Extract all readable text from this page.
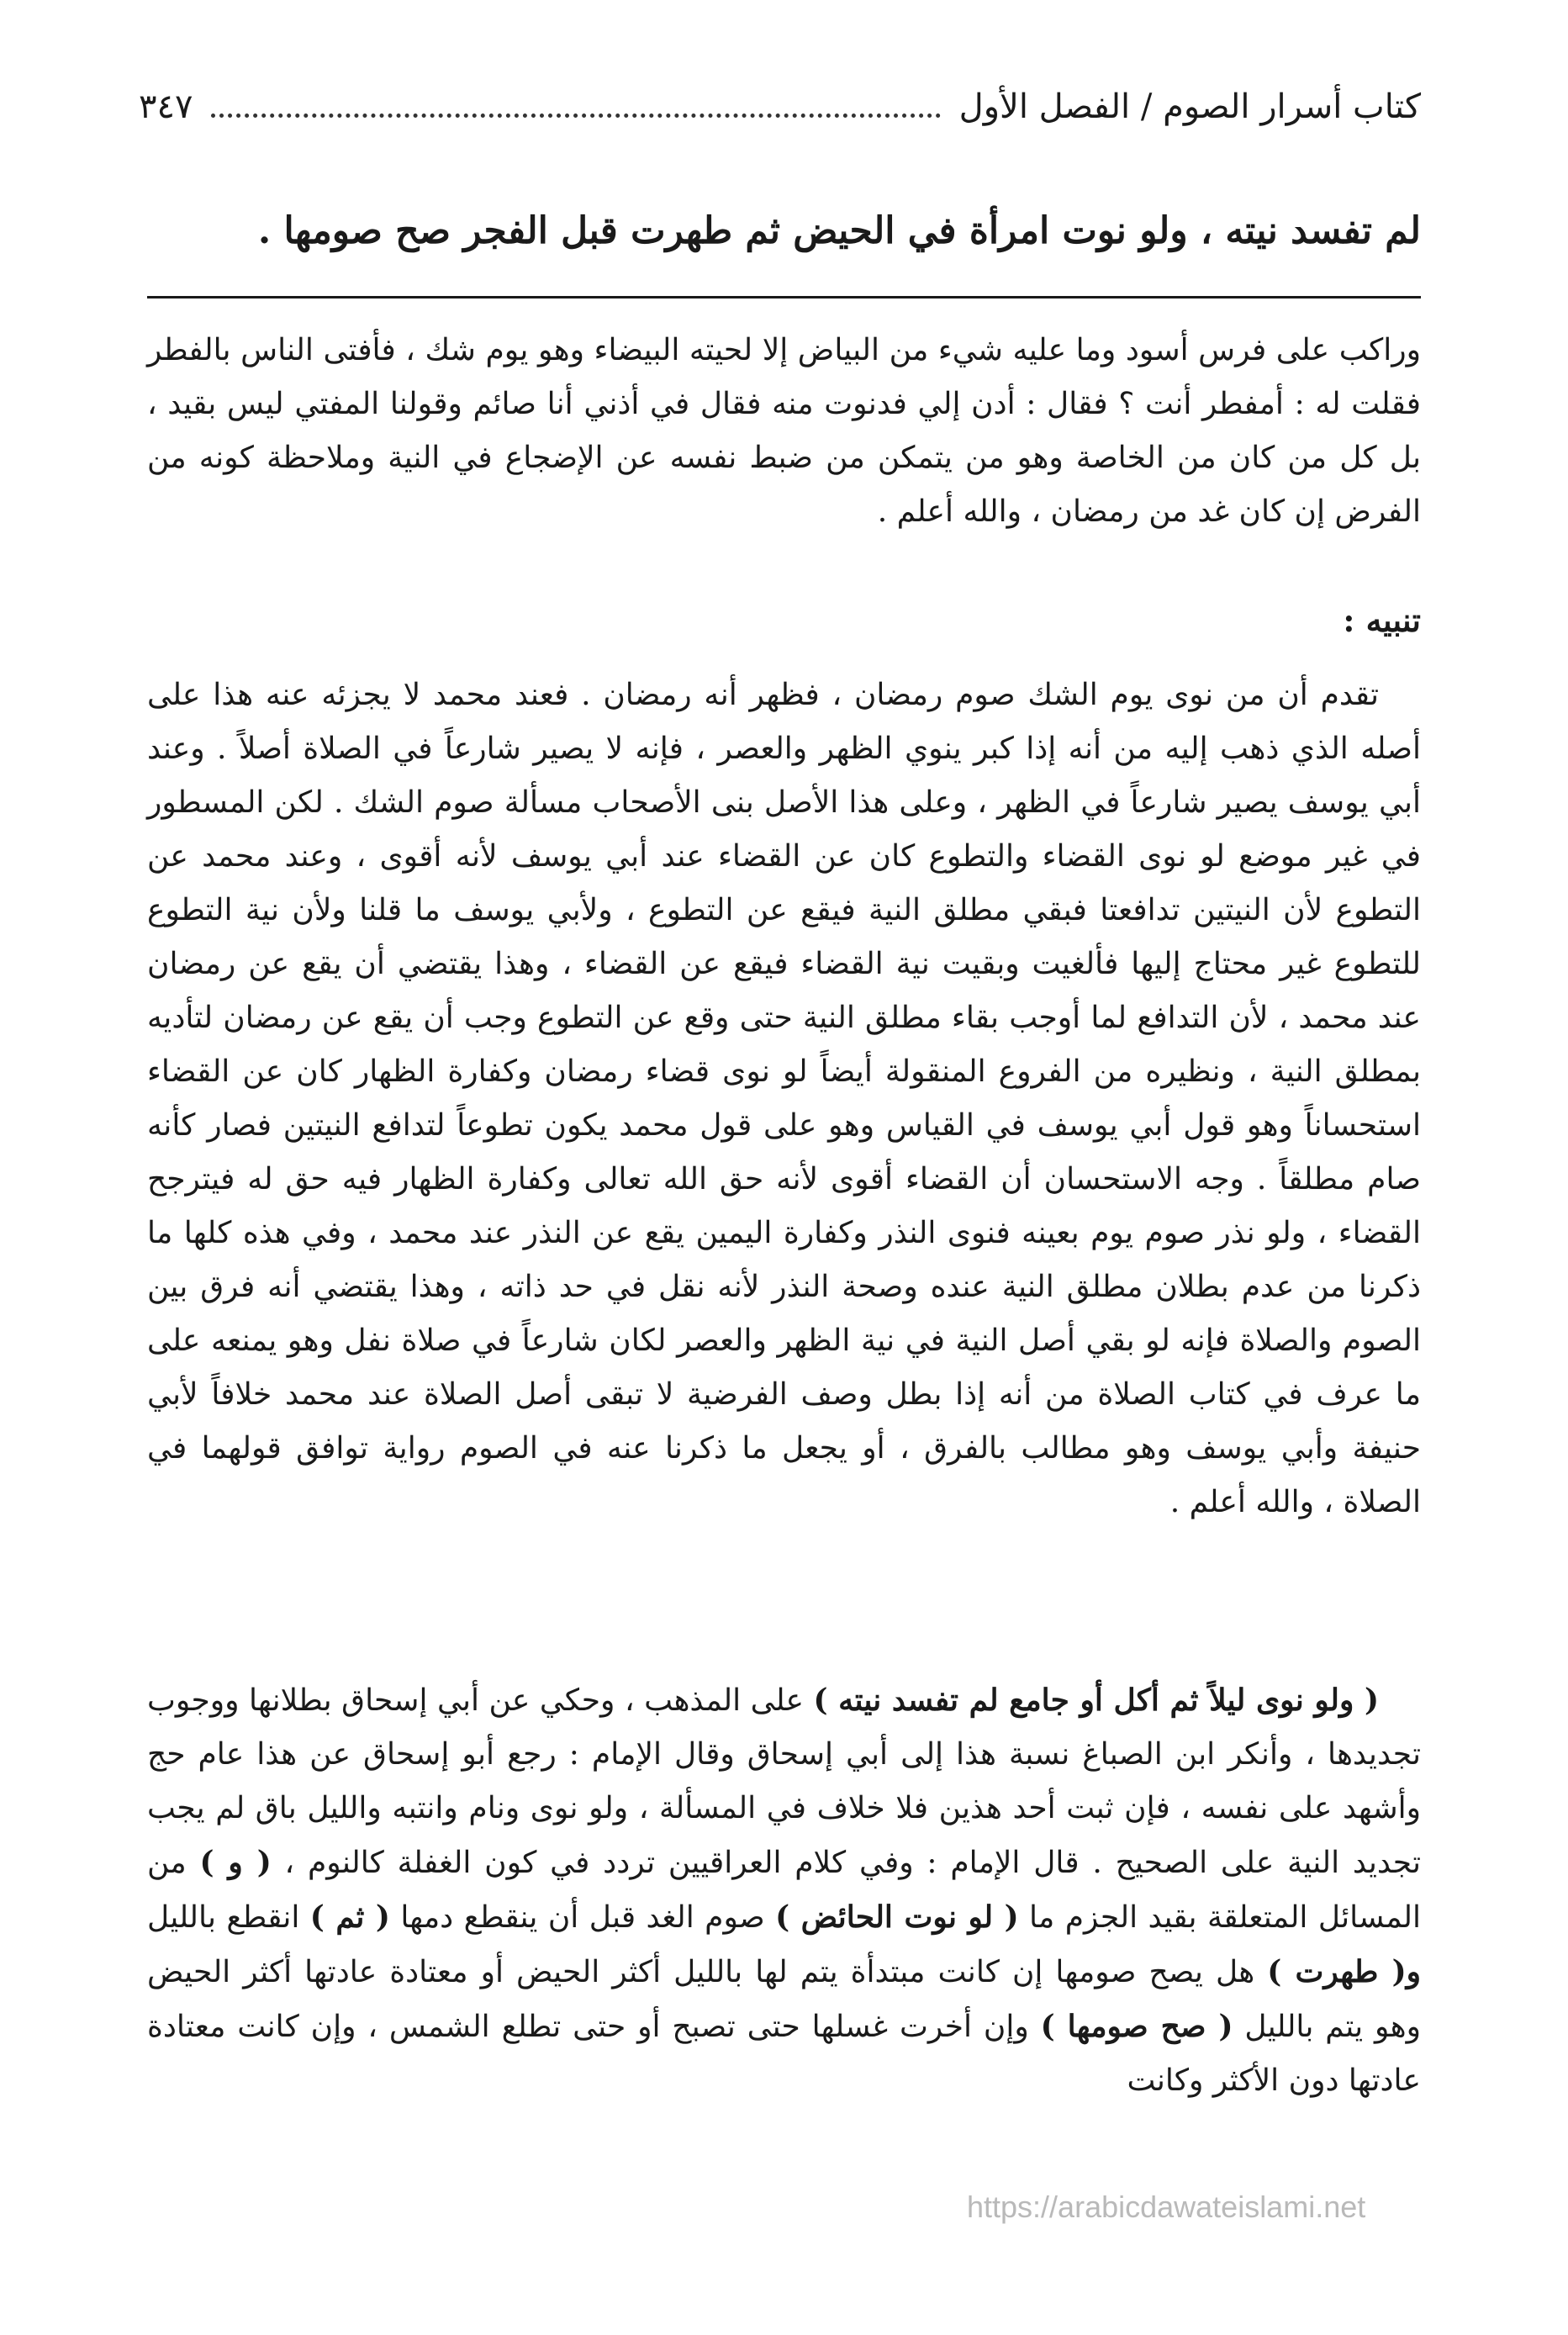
كتاب أسرار الصوم / الفصل الأول
٣٤٧
لم تفسد نيته ، ولو نوت امرأة في الحيض ثم طهرت قبل الفجر صح صومها .

وراكب على فرس أسود وما عليه شيء من البياض إلا لحيته البيضاء وهو يوم شك ، فأفتى الناس بالفطر فقلت له : أمفطر أنت ؟ فقال : أدن إلي فدنوت منه فقال في أذني أنا صائم وقولنا المفتي ليس بقيد ، بل كل من كان من الخاصة وهو من يتمكن من ضبط نفسه عن الإضجاع في النية وملاحظة كونه من الفرض إن كان غد من رمضان ، والله أعلم .

تنبيه :

تقدم أن من نوى يوم الشك صوم رمضان ، فظهر أنه رمضان . فعند محمد لا يجزئه عنه هذا على أصله الذي ذهب إليه من أنه إذا كبر ينوي الظهر والعصر ، فإنه لا يصير شارعاً في الصلاة أصلاً . وعند أبي يوسف يصير شارعاً في الظهر ، وعلى هذا الأصل بنى الأصحاب مسألة صوم الشك . لكن المسطور في غير موضع لو نوى القضاء والتطوع كان عن القضاء عند أبي يوسف لأنه أقوى ، وعند محمد عن التطوع لأن النيتين تدافعتا فبقي مطلق النية فيقع عن التطوع ، ولأبي يوسف ما قلنا ولأن نية التطوع للتطوع غير محتاج إليها فألغيت وبقيت نية القضاء فيقع عن القضاء ، وهذا يقتضي أن يقع عن رمضان عند محمد ، لأن التدافع لما أوجب بقاء مطلق النية حتى وقع عن التطوع وجب أن يقع عن رمضان لتأديه بمطلق النية ، ونظيره من الفروع المنقولة أيضاً لو نوى قضاء رمضان وكفارة الظهار كان عن القضاء استحساناً وهو قول أبي يوسف في القياس وهو على قول محمد يكون تطوعاً لتدافع النيتين فصار كأنه صام مطلقاً . وجه الاستحسان أن القضاء أقوى لأنه حق الله تعالى وكفارة الظهار فيه حق له فيترجح القضاء ، ولو نذر صوم يوم بعينه فنوى النذر وكفارة اليمين يقع عن النذر عند محمد ، وفي هذه كلها ما ذكرنا من عدم بطلان مطلق النية عنده وصحة النذر لأنه نقل في حد ذاته ، وهذا يقتضي أنه فرق بين الصوم والصلاة فإنه لو بقي أصل النية في نية الظهر والعصر لكان شارعاً في صلاة نفل وهو يمنعه على ما عرف في كتاب الصلاة من أنه إذا بطل وصف الفرضية لا تبقى أصل الصلاة عند محمد خلافاً لأبي حنيفة وأبي يوسف وهو مطالب بالفرق ، أو يجعل ما ذكرنا عنه في الصوم رواية توافق قولهما في الصلاة ، والله أعلم .

( ولو نوى ليلاً ثم أكل أو جامع لم تفسد نيته ) على المذهب ، وحكي عن أبي إسحاق بطلانها ووجوب تجديدها ، وأنكر ابن الصباغ نسبة هذا إلى أبي إسحاق وقال الإمام : رجع أبو إسحاق عن هذا عام حج وأشهد على نفسه ، فإن ثبت أحد هذين فلا خلاف في المسألة ، ولو نوى ونام وانتبه والليل باق لم يجب تجديد النية على الصحيح . قال الإمام : وفي كلام العراقيين تردد في كون الغفلة كالنوم ، ( و ) من المسائل المتعلقة بقيد الجزم ما ( لو نوت الحائض ) صوم الغد قبل أن ينقطع دمها ( ثم ) انقطع بالليل و( طهرت ) هل يصح صومها إن كانت مبتدأة يتم لها بالليل أكثر الحيض أو معتادة عادتها أكثر الحيض وهو يتم بالليل ( صح صومها ) وإن أخرت غسلها حتى تصبح أو حتى تطلع الشمس ، وإن كانت معتادة عادتها دون الأكثر وكانت

https://arabicdawateislami.net
